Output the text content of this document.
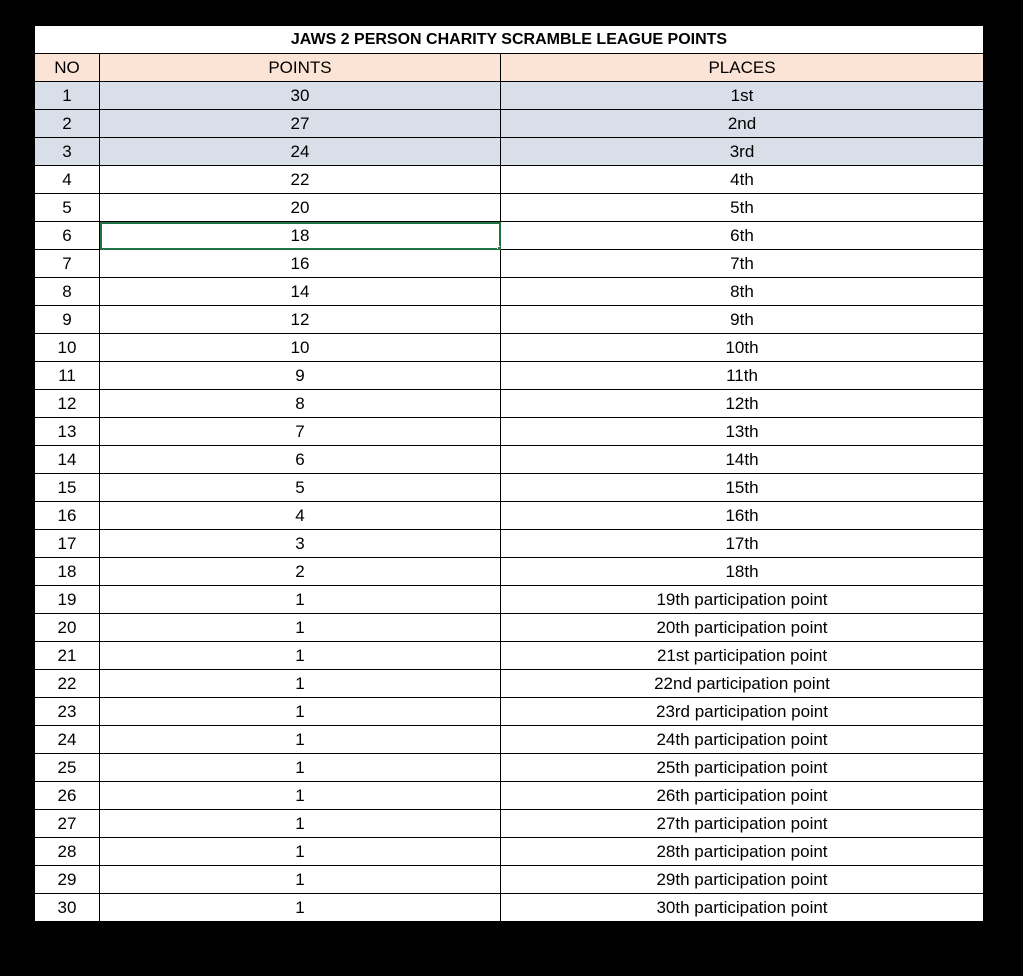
JAWS 2 PERSON CHARITY SCRAMBLE LEAGUE POINTS		
NO	POINTS	PLACES
1	30	1st
2	27	2nd
3	24	3rd
4	22	4th
5	20	5th
6	18	6th
7	16	7th
8	14	8th
9	12	9th
10	10	10th
11	9	11th
12	8	12th
13	7	13th
14	6	14th
15	5	15th
16	4	16th
17	3	17th
18	2	18th
19	1	19th participation point
20	1	20th participation point
21	1	21st participation point
22	1	22nd participation point
23	1	23rd participation point
24	1	24th participation point
25	1	25th participation point
26	1	26th participation point
27	1	27th participation point
28	1	28th participation point
29	1	29th participation point
30	1	30th participation point
